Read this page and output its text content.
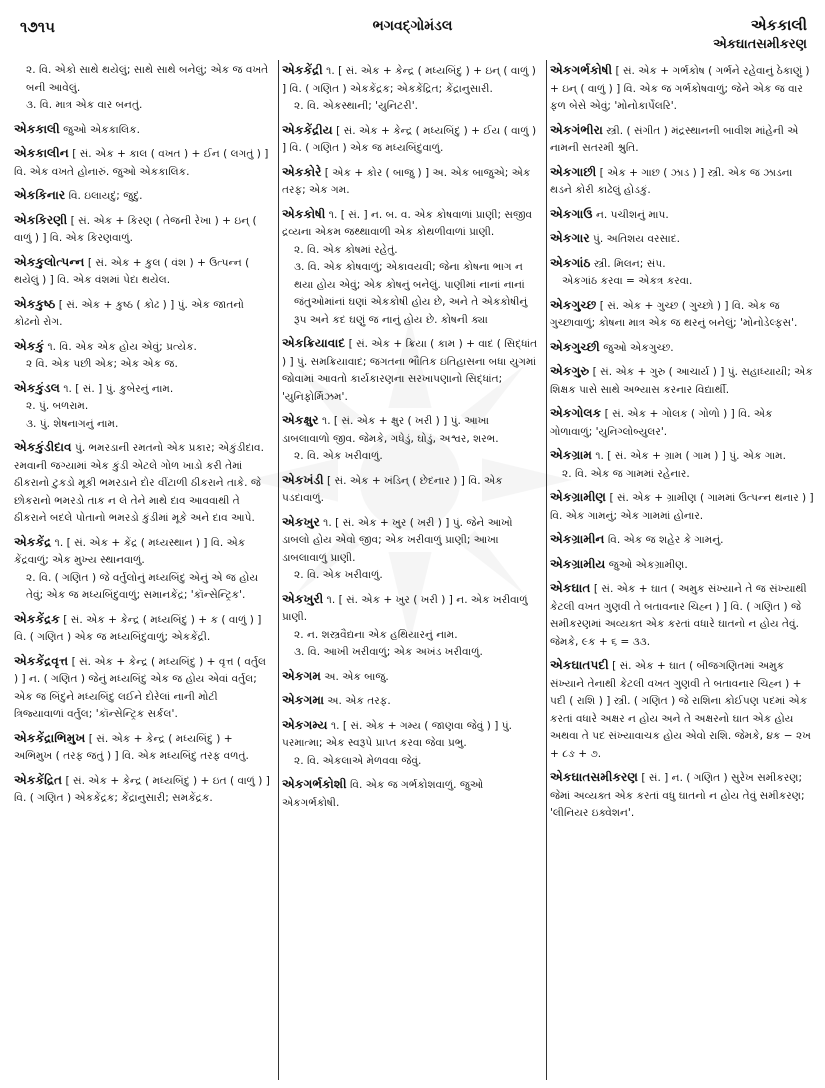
૧૭૧૫	ભગવદ્ગોમંડલ	એકકાલી
એકઘાતસમીકરણ
૨. વિ. એકો સાથે થયેલું; સાથે સાથે બનેલું; એક જ વખતે બની આવેલું.
૩. વિ. માત્ર એક વાર બનતું.
એકકાલી જુઓ એકકાલિક.
એકકાલીન [ સં. એક + કાલ ( વખત ) + ઈન ( લગતું ) ] વિ. એક વખતે હોનારું. જુઓ એકકાલિક.
એકકિનાર વિ. ઇલાયદું; જુદું.
એકકિરણી [ સં. એક + કિરણ ( તેજની રેખા ) + ઇન્ ( વાળું ) ] વિ. એક કિરણવાળું.
એકકુલોત્પન્ન [ સં. એક + કુલ ( વંશ ) + ઉત્પન્ન ( થયેલું ) ] વિ. એક વંશમાં પેદા થયેલ.
એકકુષ્ઠ [ સં. એક + કુષ્ઠ ( કોઢ ) ] પું. એક જાતનો કોઢનો રોગ.
એકકું ૧. વિ. એક એક હોય એવું; પ્રત્યેક.
૨ વિ. એક પછી એક; એક એક જ.
એકકુંડલ ૧. [ સં. ] પું. કુબેરનું નામ.
૨. પું. બળરામ.
૩. પું. શેષનાગનું નામ.
એકકુંડીદાવ પું. ભમરડાની રમતનો એક પ્રકાર; એકુંડીદાવ. રમવાની જગ્યામાં એક કુંડી એટલે ગોળ ખાડો કરી તેમાં ઠીકરાનો ટુકડો મૂકી ભમરડાને દોર વીંટાળી ઠીકરાને તાકે. જે છોકરાનો ભમરડો તાક ન લે તેને માથે દાવ આવવાથી તે ઠીકરાને બદલે પોતાનો ભમરડો કુંડીમાં મૂકે અને દાવ આપે.
એકકેંદ્ર ૧. [ સં. એક + કેંદ્ર ( મધ્યસ્થાન ) ] વિ. એક કેંદ્રવાળું; એક મુખ્ય સ્થાનવાળું.
૨. વિ. ( ગણિત ) જે વર્તુલોનું મધ્યબિંદુ એનું એ જ હોય તેવું; એક જ મધ્યબિંદુવાળું; સમાનકેંદ્ર; 'કૉન્સેન્ટ્રિક'.
એકકેંદ્રક [ સં. એક + કેન્દ્ર ( મધ્યબિંદુ ) + ક ( વાળું ) ] વિ. ( ગણિત ) એક જ મધ્યબિંદુવાળું; એકકેંદ્રી.
એકકેંદ્રવૃત્ત [ સં. એક + કેન્દ્ર ( મધ્યબિંદુ ) + વૃત્ત ( વર્તુલ ) ] ન. ( ગણિત ) જેનું મધ્યબિંદુ એક જ હોય એવાં વર્તુલ; એક જ બિંદુને મધ્યબિંદુ લઈને દોરેલાં નાની મોટી ત્રિજ્યાવાળાં વર્તુલ; 'કૉન્સેન્ટ્રિક સર્કલ'.
એકકેંદ્રાભિમુખ [ સં. એક + કેન્દ્ર ( મધ્યબિંદુ ) + અભિમુખ ( તરફ જતું ) ] વિ. એક મધ્યબિંદુ તરફ વળતું.
એકકેંદ્રિત [ સં. એક + કેન્દ્ર ( મધ્યબિંદુ ) + ઇત ( વાળું ) ] વિ. ( ગણિત ) એકકેંદ્રક; કેંદ્રાનુસારી; સમકેંદ્રક.
એકકેંદ્રી ૧. [ સં. એક + કેન્દ્ર ( મધ્યબિંદુ ) + ઇન્ ( વાળું ) ] વિ. ( ગણિત ) એકકેંદ્રક; એકકેંદ્રિત; કેંદ્રાનુસારી.
૨. વિ. એકસ્થાની; 'યુનિટરી'.
એકકેંદ્રીય [ સં. એક + કેન્દ્ર ( મધ્યબિંદુ ) + ઈય ( વાળું ) ] વિ. ( ગણિત ) એક જ મધ્યબિંદુવાળું.
એકકોરે [ એક + કોર ( બાજુ ) ] અ. એક બાજુએ; એક તરફ; એક ગમ.
એકકોષી ૧. [ સં. ] ન. બ. વ. એક કોષવાળાં પ્રાણી; સજીવ દ્રવ્યના એકમ જથ્થાવાળી એક કોથળીવાળાં પ્રાણી.
૨. વિ. એક કોષમાં રહેતું.
૩. વિ. એક કોષવાળું; એકાવયવી; જેના કોષના ભાગ ન થયા હોય એવું; એક કોષનું બનેલું. પાણીમાં નાનાં નાનાં જંતુઓમાંનાં ઘણાં એકકોષી હોય છે, અને તે એકકોષીનું રૂપ અને કદ ઘણું જ નાનું હોય છે. કોષની ક્યા
એકક્રિયાવાદ [ સં. એક + ક્રિયા ( કામ ) + વાદ ( સિદ્ધાંત ) ] પું. સમક્રિયાવાદ; જગતના ભૌતિક ઇતિહાસના બધા યુગમાં જોવામાં આવતો કાર્યકારણના સરખાપણાનો સિદ્ધાંત; 'યુનિફોર્મિઝમ'.
એકક્ષુર ૧. [ સં. એક + ક્ષુર ( ખરી ) ] પું. આખા ડાબલાવાળો જીવ. જેમકે, ગધેડું, ઘોડું, અશ્વર, શરભ.
૨. વિ. એક ખરીવાળું.
એકખંડી [ સં. એક + ખંડિન્ ( છેદનાર ) ] વિ. એક પડદાવાળું.
એકખુર ૧. [ સં. એક + ખુર ( ખરી ) ] પું. જેને આખો ડાબલો હોય એવો જીવ; એક ખરીવાળું પ્રાણી; આખા ડાબલાવાળું પ્રાણી.
૨. વિ. એક ખરીવાળું.
એકખુરી ૧. [ સં. એક + ખુર ( ખરી ) ] ન. એક ખરીવાળું પ્રાણી.
૨. ન. શસ્ત્રવૈદ્યના એક હથિયારનું નામ.
૩. વિ. આખી ખરીવાળું; એક અખંડ ખરીવાળું.
એકગમ અ. એક બાજુ.
એકગમા અ. એક તરફ.
એકગમ્ય ૧. [ સં. એક + ગમ્ય ( જાણવા જેવું ) ] પું. પરમાત્મા; એક સ્વરૂપે પ્રાપ્ત કરવા જેવા પ્રભુ.
૨. વિ. એકલાએ મેળવવા જેવું.
એકગર્ભકોશી વિ. એક જ ગર્ભકોશવાળું. જુઓ એકગર્ભકોષી.
એકગર્ભકોષી [ સં. એક + ગર્ભકોષ ( ગર્ભને રહેવાનું ઠેકાણું ) + ઇન્ ( વાળું ) ] વિ. એક જ ગર્ભકોષવાળું; જેને એક જ વાર ફળ બેસે એવું; 'મોનોકાર્પેલરિ'.
એકગંભીરા સ્ત્રી. ( સંગીત ) મંદ્રસ્થાનની બાવીશ માંહેની એ નામની સતરમી શ્રુતિ.
એકગાછી [ એક + ગાછ ( ઝાડ ) ] સ્ત્રી. એક જ ઝાડના થડને કોરી કાઢેલું હોડકું.
એકગાઉ ન. પચીશનું માપ.
એકગાર પું. અતિશય વરસાદ.
એકગાંઠ સ્ત્રી. મિલન; સંપ.
એકગાંઠ કરવા = એકત્ર કરવા.
એકગુચ્છ [ સં. એક + ગુચ્છ ( ગુચ્છો ) ] વિ. એક જ ગુચ્છાવાળું; કોષના માત્ર એક જ થરનું બનેલું; 'મોનોડેલ્ફસ'.
એકગુચ્છી જુઓ એકગુચ્છ.
એકગુરુ [ સં. એક + ગુરુ ( આચાર્ય ) ] પું. સહાધ્યાયી; એક શિક્ષક પાસે સાથે અભ્યાસ કરનાર વિદ્યાર્થી.
એકગોલક [ સં. એક + ગોલક ( ગોળો ) ] વિ. એક ગોળાવાળું; 'યુનિગ્લોબ્યુલર'.
એકગ્રામ ૧. [ સં. એક + ગ્રામ ( ગામ ) ] પું. એક ગામ.
૨. વિ. એક જ ગામમાં રહેનાર.
એકગ્રામીણ [ સં. એક + ગ્રામીણ ( ગામમાં ઉત્પન્ન થનાર ) ] વિ. એક ગામનું; એક ગામમાં હોનાર.
એકગ્રામીન વિ. એક જ શહેર કે ગામનું.
એકગ્રામીય જુઓ એકગ્રામીણ.
એકઘાત [ સં. એક + ઘાત ( અમુક સંખ્યાને તે જ સંખ્યાથી કેટલી વખત ગુણવી તે બતાવનાર ચિહ્ન ) ] વિ. ( ગણિત ) જે સમીકરણમાં અવ્યક્ત એક કરતાં વધારે ઘાતનો ન હોય તેવું. જેમકે, ૯ક + ૬ = ૩૩.
એકઘાતપદી [ સં. એક + ઘાત ( બીજગણિતમાં અમુક સંખ્યાને તેનાથી કેટલી વખત ગુણવી તે બતાવનાર ચિહ્ન ) + પદી ( રાશિ ) ] સ્ત્રી. ( ગણિત ) જે રાશિના કોઈપણ પદમાં એક કરતાં વધારે અક્ષર ન હોય અને તે અક્ષરનો ઘાત એક હોય અથવા તે પદ સંખ્યાવાચક હોય એવો રાશિ. જેમકે, ૪ક − ૨ખ + ૮ઙ + ૭.
એકઘાતસમીકરણ [ સં. ] ન. ( ગણિત ) સુરેખ સમીકરણ; જેમાં અવ્યક્ત એક કરતાં વધુ ઘાતનો ન હોય તેવું સમીકરણ; 'લીનિયર ઇક્વેશન'.
